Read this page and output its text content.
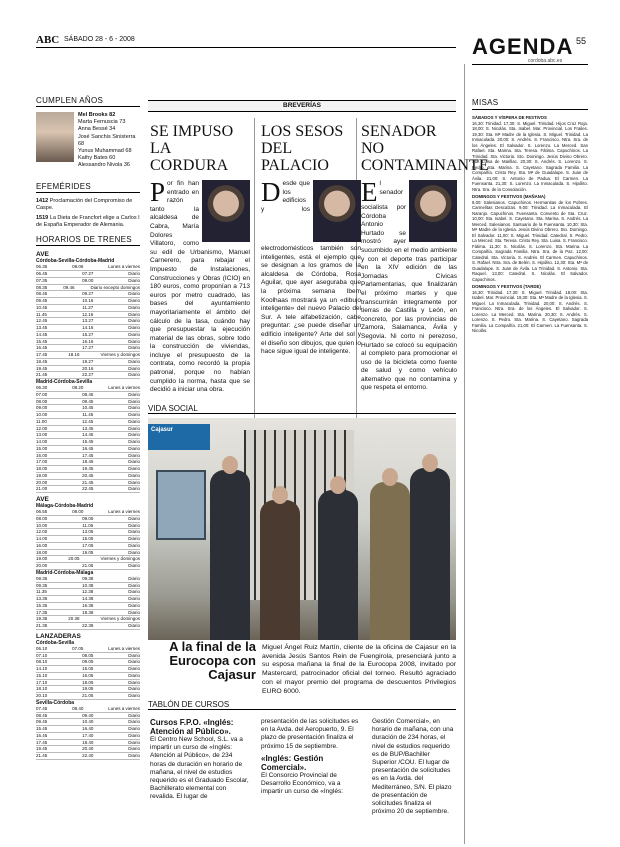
ABC SÁBADO 28 - 6 - 2008	AGENDA
cordoba.abc.es
55
CUMPLEN AÑOS
Mel Brooks 82
Marta Fernuscia 73
Anna Bessé 34
José Sanchis Sinisterra 68
Yunus Muhammad 68
Kathy Bates 60
Alessandro Nivola 36
EFEMÉRIDES

1412 Proclamación del Compromiso de Caspe.

1519 La Dieta de Francfort elige a Carlos I de España Emperador de Alemania.

HORARIOS DE TRENES
AVE
Córdoba-Sevilla-Córdoba-Madrid
06.35	08.06	Lunes a viernes
06.45	07.27	Diario
07.35	09.00	Diario
08.35	09.46	Diario excepto domingos
08.45	09.27	Diario
09.45	10.16	Diario
10.45	11.27	Diario
11.45	12.16	Diario
12.45	13.27	Diario
13.45	14.16	Diario
14.45	15.27	Diario
15.45	16.16	Diario
16.45	17.27	Diario
17.45	18.16	Viernes y domingos
18.45	19.27	Diario
19.45	20.16	Diario
21.45	22.27	Diario
Madrid-Córdoba-Sevilla
06.30	08.20	Lunes a viernes
07.00	08.45	Diario
08.00	09.45	Diario
09.00	10.45	Diario
10.00	11.45	Diario
11.00	12.45	Diario
12.00	13.45	Diario
13.00	14.45	Diario
14.00	15.45	Diario
15.00	16.45	Diario
16.00	17.45	Diario
17.00	18.45	Diario
18.00	19.45	Diario
19.00	20.45	Diario
20.00	21.45	Diario
21.00	22.45	Diario
AVE
Málaga-Córdoba-Madrid
06.55	08.00	Lunes a viernes
08.00	09.05	Diario
10.00	11.05	Diario
12.00	13.05	Diario
14.00	15.05	Diario
16.00	17.05	Diario
18.00	19.05	Diario
19.00	20.05	Viernes y domingos
20.00	21.05	Diario
Madrid-Córdoba-Málaga
08.35	09.38	Diario
09.35	10.38	Diario
11.35	12.38	Diario
13.35	14.38	Diario
15.35	16.38	Diario
17.35	18.38	Diario
19.35	20.38	Viernes y domingos
21.35	22.38	Diario
LANZADERAS
Córdoba-Sevilla
06.10	07.05	Lunes a viernes
07.10	08.05	Diario
08.10	09.05	Diario
14.10	15.05	Diario
15.10	16.05	Diario
17.10	18.05	Diario
18.10	19.05	Diario
20.10	21.05	Diario
Sevilla-Córdoba
07.45	08.40	Lunes a viernes
08.45	09.40	Diario
09.45	10.40	Diario
15.45	16.40	Diario
16.45	17.40	Diario
17.45	18.40	Diario
19.45	20.40	Diario
21.45	22.40	Diario
BREVERÍAS
SE IMPUSO LA CORDURA
Por fin han entrado en razón tanto la alcaldesa de Cabra, María Dolores Villatoro, como su edil de Urbanismo, Manuel Carnerero, para rebajar el Impuesto de Instalaciones, Construcciones y Obras (ICIO) en 180 euros, como proponían a 713 euros por metro cuadrado, las bases del ayuntamiento mayoritariamente el ámbito del cálculo de la tasa, cuándo hay que presupuestar la ejecución material de las obras, sobre todo la construcción de viviendas, incluye el presupuesto de la contrata, como recordó la propia patronal, porque no habían cumplido la norma, hasta que se decidió a iniciar una obra.
LOS SESOS DEL PALACIO
Desde que los edificios y los electrodomésticos también son inteligentes, está el ejemplo que se designan a los gramos de la alcaldesa de Córdoba, Rosa Aguilar, que ayer aseguraba que la próxima semana Ibem Koolhaas mostrará ya un «dibujo inteligente» del nuevo Palacio del Sur. A tele alfabetización, cabe preguntar: ¿se puede diseñar un edificio inteligente? Arte del sol y el diseño son dibujos, que quien lo hace sigue igual de inteligente.
SENADOR NO CONTAMINANTE
El senador socialista por Córdoba Antonio Hurtado se mostró ayer sucumbido en el medio ambiente y con el deporte tras participar en la XIV edición de las Jornadas Cívicas Parlamentarias, que finalizarán el próximo martes y que transcurrirán integramente por tierras de Castilla y León, en concreto, por las provincias de Zamora, Salamanca, Ávila y Segovia. Ni corto ni perezoso, Hurtado se colocó su equipación al completo para promocionar el uso de la bicicleta como fuente de salud y como vehículo alternativo que no contamina y que respeta el entorno.
VIDA SOCIAL
Cajasur
A la final de la Eurocopa con Cajasur
Miguel Ángel Ruiz Martín, cliente de la oficina de Cajasur en la avenida Jesús Santos Rein de Fuengirola, presenciará junto a su esposa mañana la final de la Eurocopa 2008, invitado por Mastercard, patrocinador oficial del torneo. Resultó agraciado con el mayor premio del programa de descuentos Privilegios EURO 6000.
TABLÓN DE CURSOS
Cursos F.P.O. «Inglés: Atención al Público».
El Centro New School, S.L. va a impartir un curso de «Inglés: Atención al Público», de 234 horas de duración en horario de mañana, el nivel de estudios requerido es el Graduado Escolar, Bachillerato elemental con revalida. El lugar de
presentación de las solicitudes es en la Avda. del Aeropuerto, 9. El plazo de presentación finaliza el próximo 15 de septiembre.
«Inglés: Gestión Comercial».
El Consorcio Provincial de Desarrollo Económico, va a impartir un curso de «Inglés:
Gestión Comercial», en horario de mañana, con una duración de 234 horas, el nivel de estudios requerido es de BUP/Bachiller Superior /COU. El lugar de presentación de solicitudes es en la Avda. del Mediterráneo, S/N. El plazo de presentación de solicitudes finaliza el próximo 20 de septiembre.
MISAS
SÁBADOS Y VÍSPERA DE FESTIVOS
16,30: Trinidad. 17,30: S. Miguel. Trinidad. Hijos Cruz Roja. 18,00: S. Nicolás. Sta. Isabel. Mar. Provincial. Los Frailes. 19,30: Sta. Mª Madre de la Iglesia. S. Miguel. Trinidad. La Inmaculada. 20,00: S. Andrés. S. Francisco. Ntra. Sra. de los Ángeles. El Salvador. S. Lorenzo. La Merced. San Rafael. Sta. Marina. Sta. Teresa. Fátima. Capuchinos. La Trinidad. Sta. Victoria. Sto. Domingo. Jesús Divino Obrero. Sta. Luisa de Marillac. 20,30: S. Andrés. S. Lorenzo. S. Pedro. Sta. Marina. S. Cayetano. Sagrada Familia. La Compañía. Cristo Rey. Sta. Mª de Guadalupe. S. Juan de Ávila. 21,00: S. Antonio de Padua. El Carmen. La Fuensanta. 21,30: S. Lorenzo. La Inmaculada. S. Hipólito. Ntra. Sra. de la Consolación.
DOMINGOS Y FESTIVOS (MAÑANA)
8,00: Salesianos. Capuchinos. Hermanitas de los Pobres. Carmelitas Descalzas. 9,00: Trinidad. La Inmaculada. El Naranjo. Capuchinos. Fuensanta. Convento de Sta. Cruz. 10,00: Sta. Isabel. S. Cayetano. Sta. Marina. S. Andrés. La Merced. Salesianos. Santuario de la Fuensanta. 10,30: Sta. Mª Madre de la Iglesia. Jesús Divino Obrero. Sto. Domingo. El Salvador. 11,00: S. Miguel. Trinidad. Catedral. S. Pedro. La Merced. Sta. Teresa. Cristo Rey. Sta. Luisa. S. Francisco. Fátima. 11,30: S. Nicolás. S. Lorenzo. Sta. Marina. La Compañía. Sagrada Familia. Ntra. Sra. de la Paz. 12,00: Catedral. Sta. Victoria. S. Andrés. El Carmen. Capuchinos. S. Rafael. Ntra. Sra. de Belén. S. Hipólito. 12,30: Sta. Mª de Guadalupe. S. Juan de Ávila. La Trinidad. S. Antonio. Sta. Raquel. 13,00: Catedral. S. Nicolás. El Salvador. Capuchinos.
DOMINGOS Y FESTIVOS (TARDE)
16,30: Trinidad. 17,30: S. Miguel. Trinidad. 18,00: Sta. Isabel. Mar. Provincial. 19,30: Sta. Mª Madre de la Iglesia. S. Miguel. La Inmaculada. Trinidad. 20,00: S. Andrés. S. Francisco. Ntra. Sra. de los Ángeles. El Salvador. S. Lorenzo. La Merced. Sta. Marina. 20,30: S. Andrés. S. Lorenzo. S. Pedro. Sta. Marina. S. Cayetano. Sagrada Familia. La Compañía. 21,00: El Carmen. La Fuensanta. S. Nicolás.
